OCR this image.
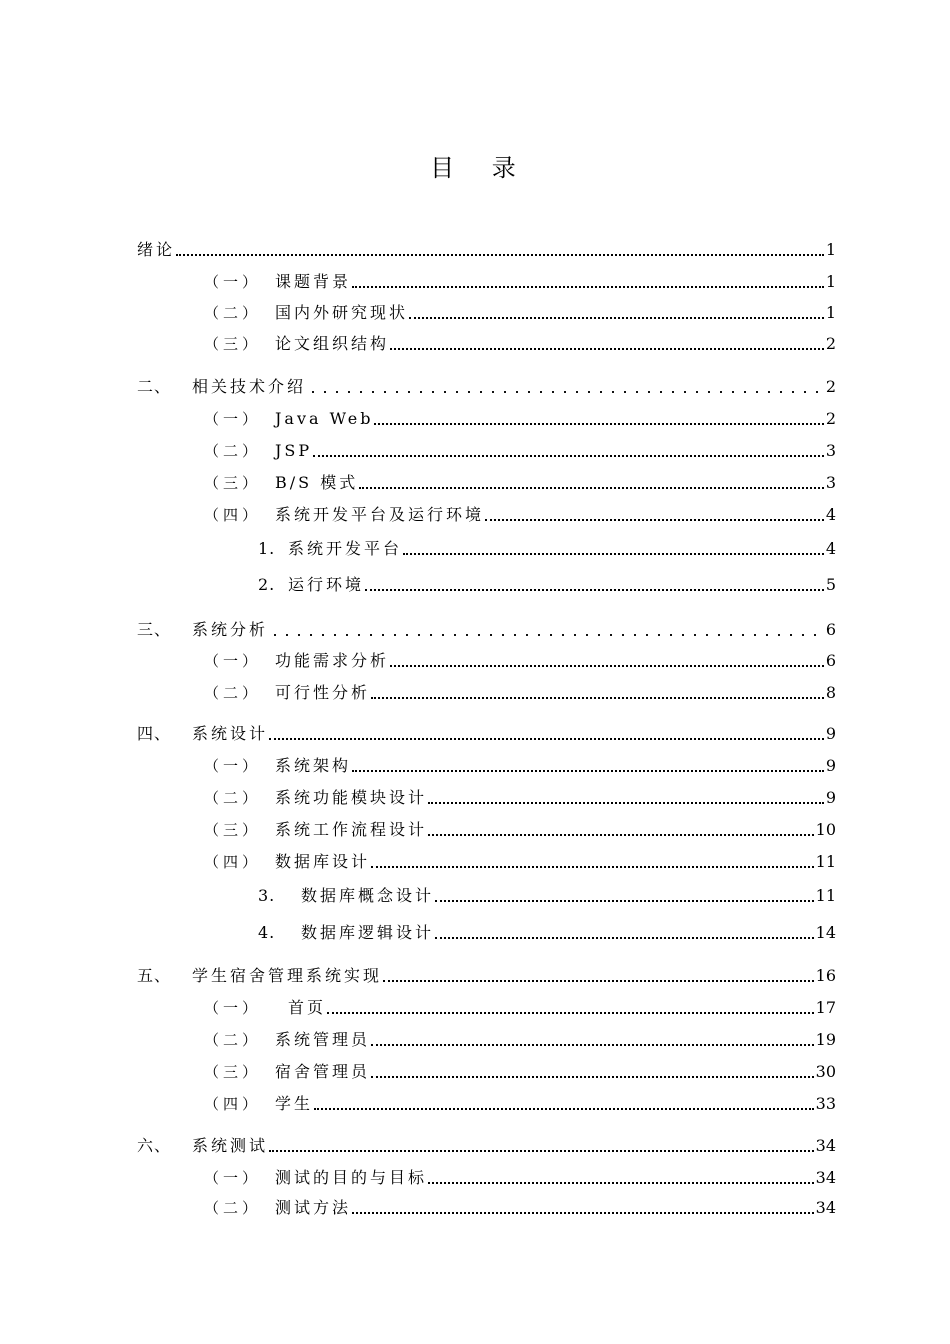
目 录
绪论	1
（一） 课题背景	1
（二） 国内外研究现状	1
（三） 论文组织结构	2
二、 相关技术介绍	2
（一） Java Web	2
（二） JSP	3
（三） B/S 模式	3
（四） 系统开发平台及运行环境	4
1. 系统开发平台	4
2. 运行环境	5
三、 系统分析	6
（一） 功能需求分析	6
（二） 可行性分析	8
四、 系统设计	9
（一） 系统架构	9
（二） 系统功能模块设计	9
（三） 系统工作流程设计	10
（四） 数据库设计	11
3. 数据库概念设计	11
4. 数据库逻辑设计	14
五、 学生宿舍管理系统实现	16
（一） 首页	17
（二） 系统管理员	19
（三） 宿舍管理员	30
（四） 学生	33
六、 系统测试	34
（一） 测试的目的与目标	34
（二） 测试方法	34
